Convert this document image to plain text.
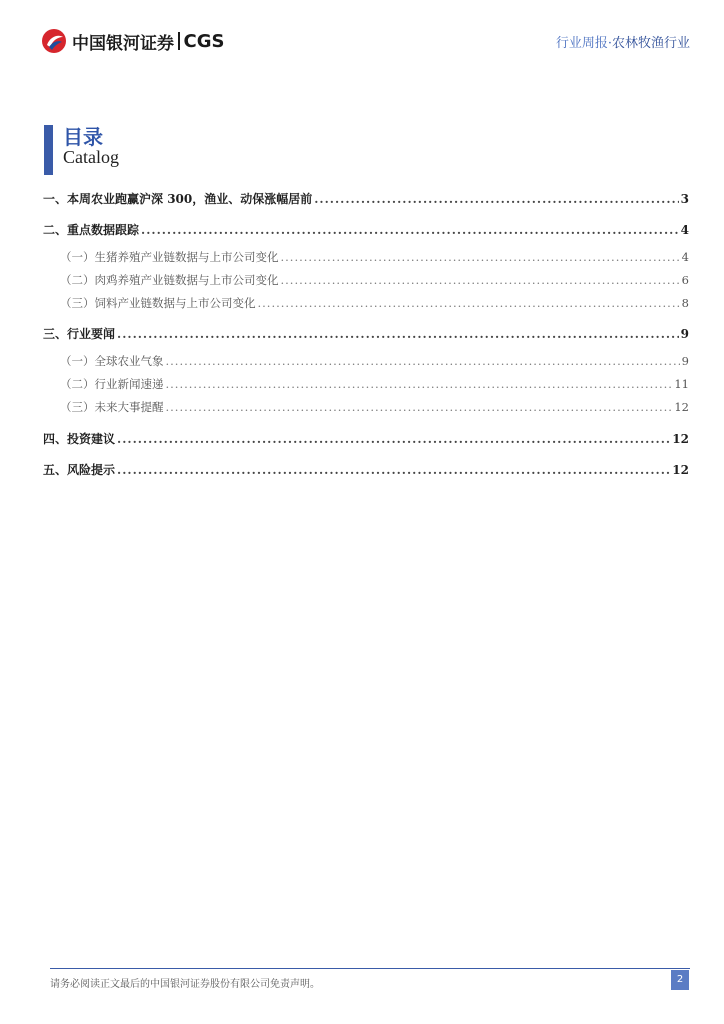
中国银河证券 CGS	行业周报·农林牧渔行业
目录
Catalog
一、 本周农业跑赢沪深 300，渔业、动保涨幅居前 .....	3
二、 重点数据跟踪 .....	4
（一） 生猪养殖产业链数据与上市公司变化 .....	4
（二） 肉鸡养殖产业链数据与上市公司变化 .....	6
（三） 饲料产业链数据与上市公司变化 .....	8
三、 行业要闻 .....	9
（一） 全球农业气象 .....	9
（二） 行业新闻速递 .....	11
（三） 未来大事提醒 .....	12
四、 投资建议 .....	12
五、 风险提示 .....	12
请务必阅读正文最后的中国银河证券股份有限公司免责声明。	2
